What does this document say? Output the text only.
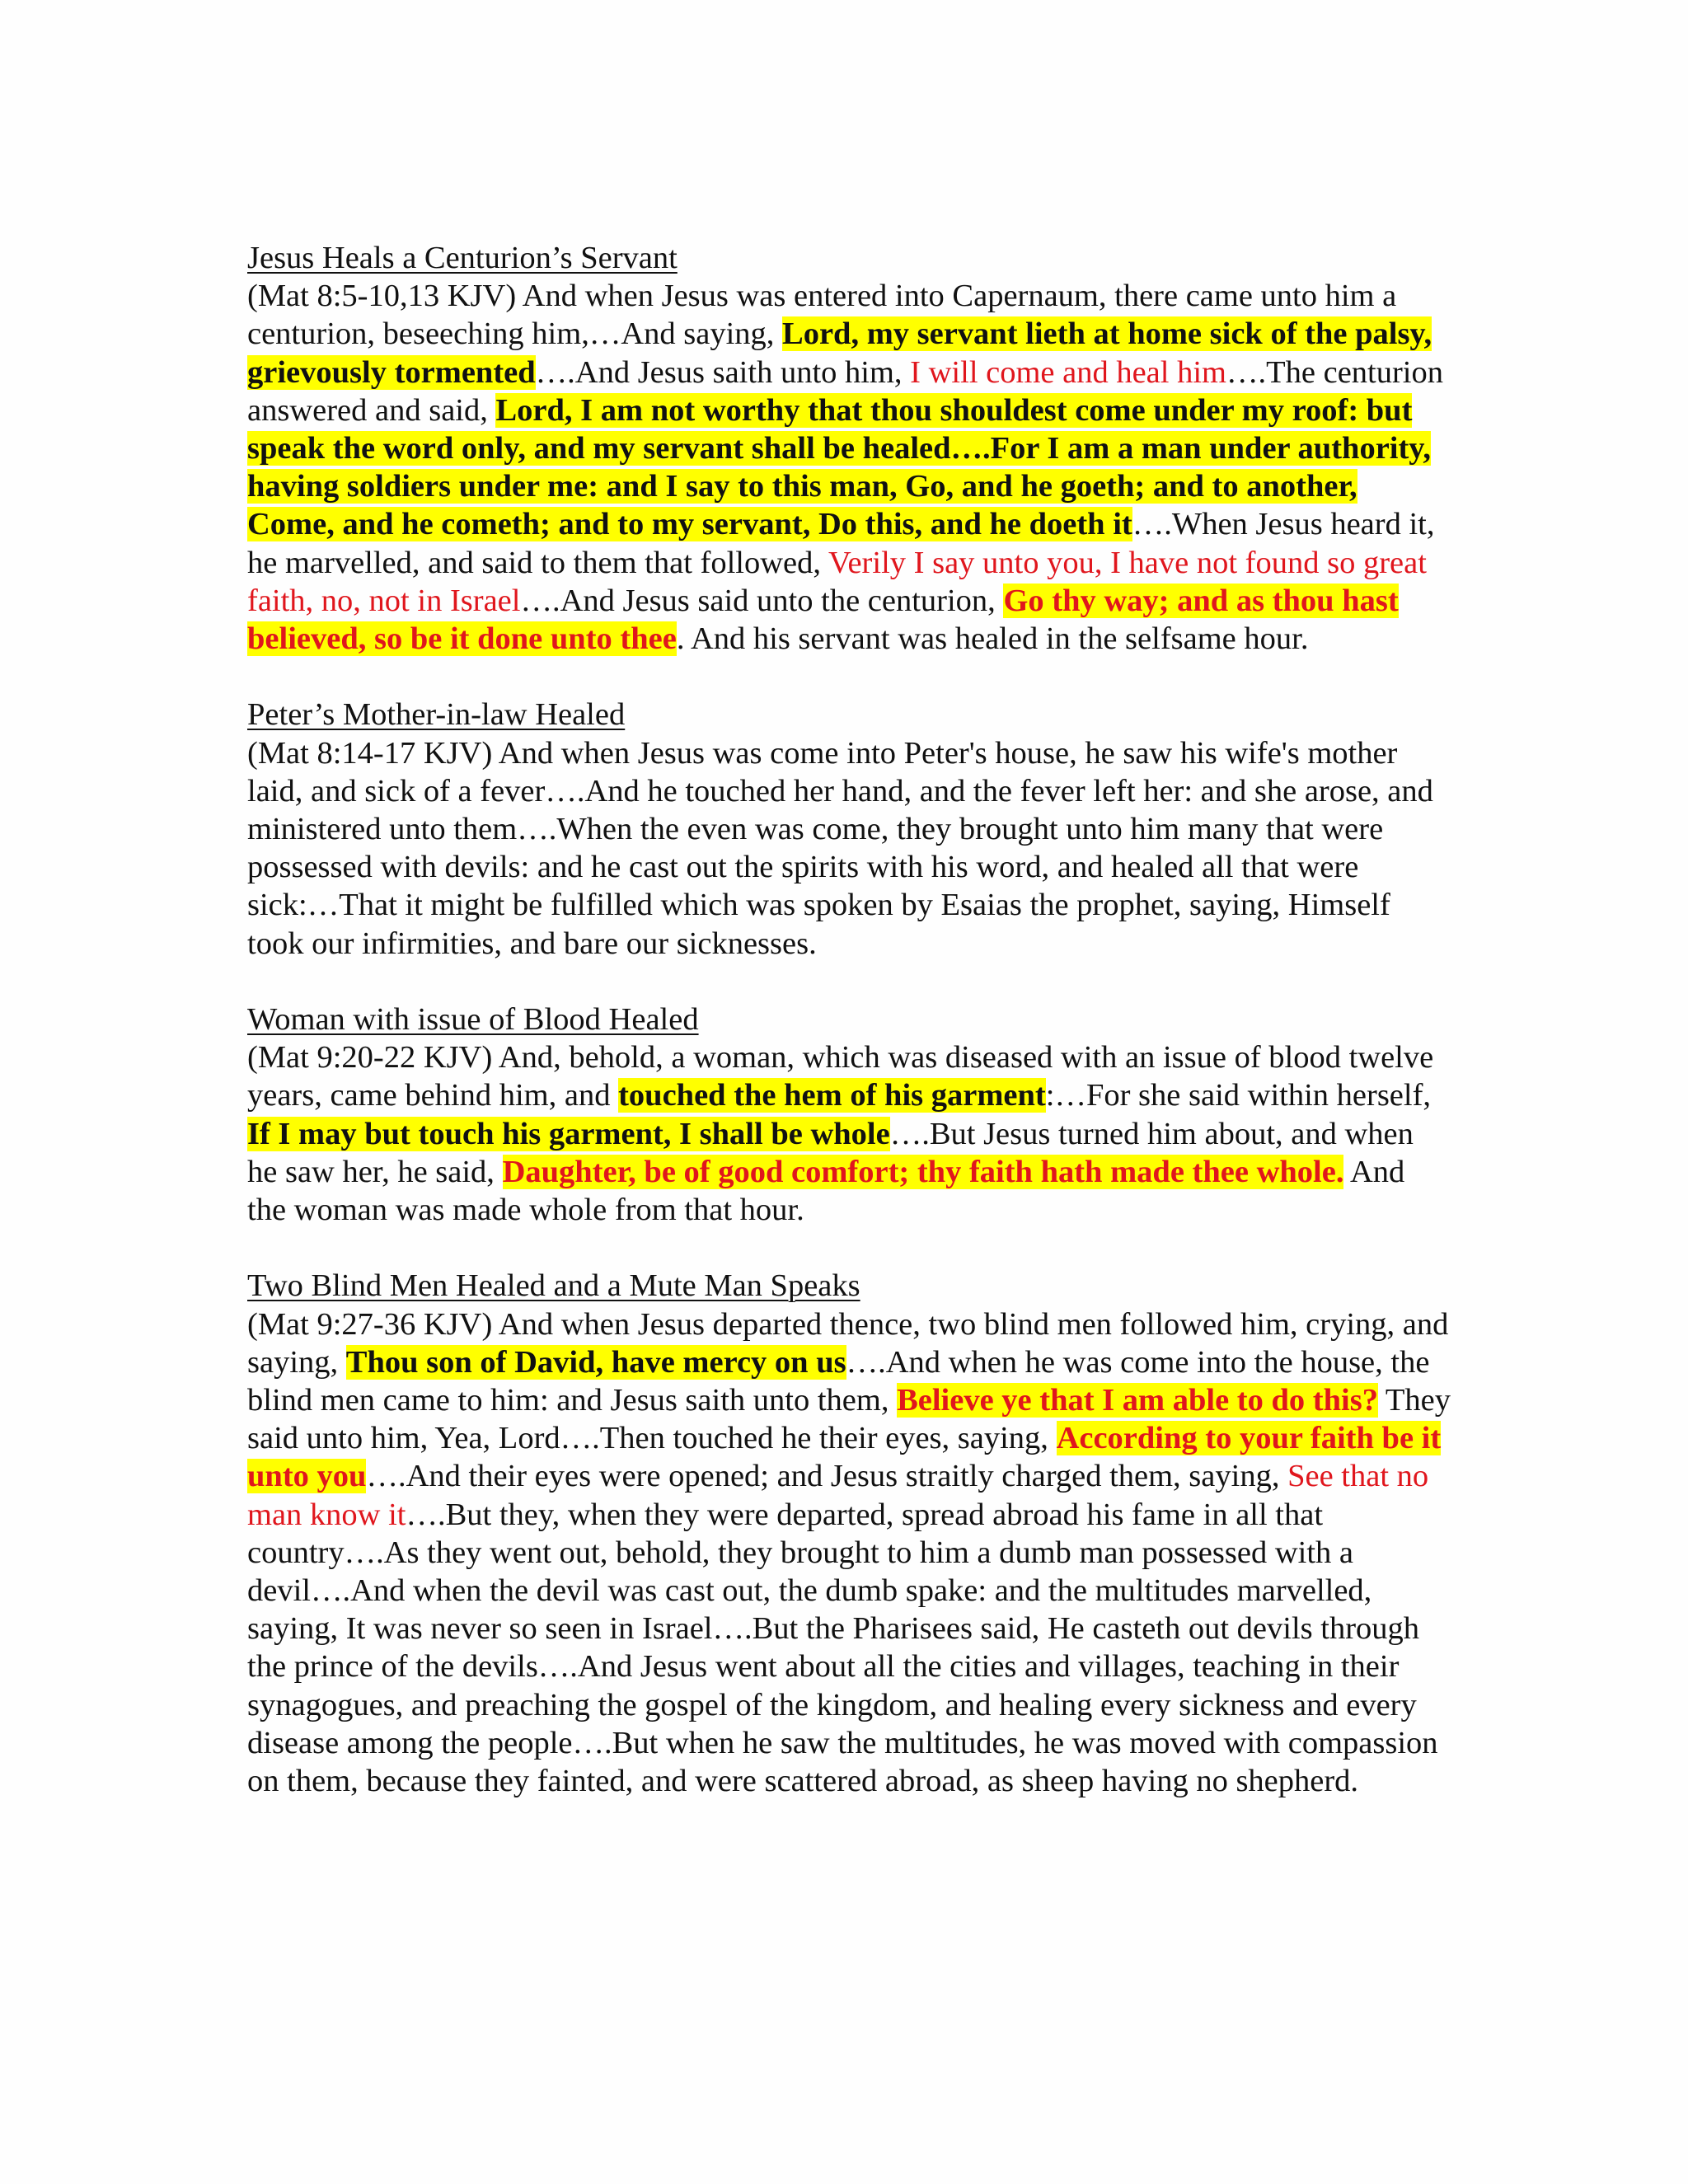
Jesus Heals a Centurion’s Servant
(Mat 8:5-10,13 KJV) And when Jesus was entered into Capernaum, there came unto him a centurion, beseeching him,…And saying, Lord, my servant lieth at home sick of the palsy, grievously tormented….And Jesus saith unto him, I will come and heal him….The centurion answered and said, Lord, I am not worthy that thou shouldest come under my roof: but speak the word only, and my servant shall be healed….For I am a man under authority, having soldiers under me: and I say to this man, Go, and he goeth; and to another, Come, and he cometh; and to my servant, Do this, and he doeth it….When Jesus heard it, he marvelled, and said to them that followed, Verily I say unto you, I have not found so great faith, no, not in Israel….And Jesus said unto the centurion, Go thy way; and as thou hast believed, so be it done unto thee. And his servant was healed in the selfsame hour.
Peter’s Mother-in-law Healed
(Mat 8:14-17 KJV) And when Jesus was come into Peter's house, he saw his wife's mother laid, and sick of a fever….And he touched her hand, and the fever left her: and she arose, and ministered unto them….When the even was come, they brought unto him many that were possessed with devils: and he cast out the spirits with his word, and healed all that were sick:…That it might be fulfilled which was spoken by Esaias the prophet, saying, Himself took our infirmities, and bare our sicknesses.
Woman with issue of Blood Healed
(Mat 9:20-22 KJV) And, behold, a woman, which was diseased with an issue of blood twelve years, came behind him, and touched the hem of his garment:…For she said within herself, If I may but touch his garment, I shall be whole….But Jesus turned him about, and when he saw her, he said, Daughter, be of good comfort; thy faith hath made thee whole. And the woman was made whole from that hour.
Two Blind Men Healed and a Mute Man Speaks
(Mat 9:27-36 KJV) And when Jesus departed thence, two blind men followed him, crying, and saying, Thou son of David, have mercy on us….And when he was come into the house, the blind men came to him: and Jesus saith unto them, Believe ye that I am able to do this? They said unto him, Yea, Lord….Then touched he their eyes, saying, According to your faith be it unto you….And their eyes were opened; and Jesus straitly charged them, saying, See that no man know it….But they, when they were departed, spread abroad his fame in all that country….As they went out, behold, they brought to him a dumb man possessed with a devil….And when the devil was cast out, the dumb spake: and the multitudes marvelled, saying, It was never so seen in Israel….But the Pharisees said, He casteth out devils through the prince of the devils….And Jesus went about all the cities and villages, teaching in their synagogues, and preaching the gospel of the kingdom, and healing every sickness and every disease among the people….But when he saw the multitudes, he was moved with compassion on them, because they fainted, and were scattered abroad, as sheep having no shepherd.
